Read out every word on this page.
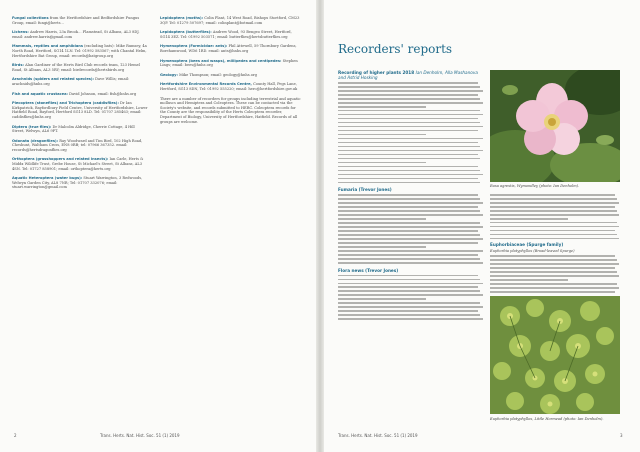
Fungal collections from the Hertfordshire and Bedfordshire Fungus Group, email: fungi@herts…
Lichens: Andrew Harris, 23a Brook… Flamstead, St Albans, AL3 8DJ. email: andrew.harris@gmail.com
Mammals, reptiles and amphibians (excluding bats): Mike Rumsey, 4a North Road, Hertford, SG14 1LN. Tel: 01992 583567; with Chantal Helm, Hertfordshire Bat Group, email: records@batgroup.org
Birds: Alan Gardiner of the Herts Bird Club records team, 123 Hemel Road, St Albans, AL3 5RY; email: birdrecords@hertsbirds.org
Arachnids (spiders and related species): Dave Willis; email: arachnids@hnhs.org
Fish and aquatic crustacea: David Johnson, email: fish@hnhs.org
Plecoptera (stoneflies) and Trichoptera (caddisflies): Dr Ian Kirkpatrick, Bayfordbury Field Centre, University of Hertfordshire, Lower Hatfield Road, Bayford, Hertford SG13 8LD. Tel: 01707 285463; email: caddisflies@hnhs.org
Diptera (true flies): Dr Malcolm Aldridge, Cherrie Cottage, 4 Hill Street, Welwyn, AL6 9PT.
Odonata (dragonflies): Ray Woodward and Tim Bird, 102 High Road, Cheshunt, Waltham Cross, EN8 0RB; tel: 07966 367352. email: records@hertsdragonflies.org
Orthoptera (grasshoppers and related insects): Ian Carle, Herts & Middx Wildlife Trust, Grebe House, St Michael's Street, St Albans, AL3 4SN. Tel: 01727 858901; email: orthoptera@herts.org
Aquatic Heteroptera (water bugs): Stuart Warrington, 3 Redwoods, Welwyn Garden City, AL8 7NR; Tel: 01707 332076; email: stuart.warrington@gmail.com
Lepidoptera (moths): Colin Plant, 14 West Road, Bishops Stortford, CM23 3QP. Tel: 01279 507697; email: colinplant@botmail.com
Lepidoptera (butterflies): Andrew Wood, 93 Bengeo Street, Hertford, SG14 3EZ. Tel: 01992 503571; email: butterflies@hertsbutterflies.org
Hymenoptera (Formicidae: ants): Phil Attewell, 59 Thornbury Gardens, Borehamwood, WD6 1RD. email: ants@hnhs.org
Hymenoptera (bees and wasps), millipedes and centipedes: Stephen Lings; email: bees@hnhs.org
Geology: Mike Thompson; email: geology@hnhs.org
Hertfordshire Environmental Records Centre, County Hall, Pegs Lane, Hertford, SG13 8DN, Tel: 01992 555220; email: herc@hertfordshire.gov.uk
There are a number of recorders for groups including terrestrial and aquatic molluscs and Hemiptera and Coleoptera. These can be contacted via the Society's website, and records submitted to HERC. Coleoptera records for the County are the responsibility of the Herts Coleoptera recorder, Department of Biology, University of Hertfordshire, Hatfield. Records of all groups are welcome.
2	Trans. Herts. Nat. Hist. Soc. 51 (1) 2019
Recorders' reports
Recording of higher plants 2018 Ian Denholm, Alla Mashanova and Astrid Hosking
Fumaria (Trevor Jones)
Flora news (Trevor Jones)
Rosa agrestis, Wymondley (photo: Ian Denholm).
Euphorbiaceae (Spurge family)
Euphorbia platyphyllos (Broad-leaved Spurge)
Euphorbia platyphyllos, Little Hormead (photo: Ian Denholm).
Trans. Herts. Nat. Hist. Soc. 51 (1) 2019	3
